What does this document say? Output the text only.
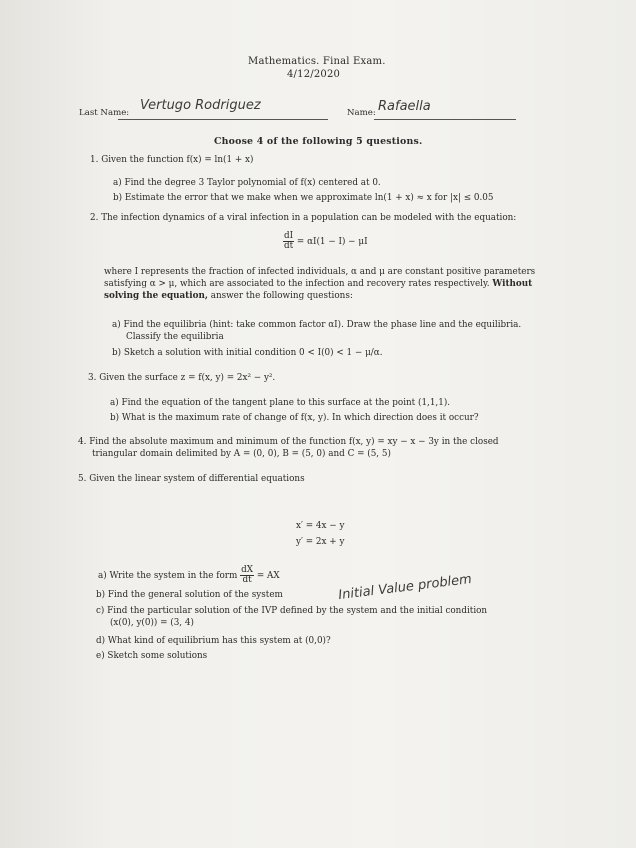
Mathematics. Final Exam.
4/12/2020
Last Name: Vertugo Rodriguez	Name: Rafaella
Choose 4 of the following 5 questions.
1. Given the function f(x) = ln(1 + x)
a) Find the degree 3 Taylor polynomial of f(x) centered at 0.
b) Estimate the error that we make when we approximate ln(1 + x) ≈ x for |x| ≤ 0.05
2. The infection dynamics of a viral infection in a population can be modeled with the equation:
$\frac{dI}{dt} = \alpha I(1 - I) - \mu I$
where I represents the fraction of infected individuals, α and μ are constant positive parameters
satisfying α > μ, which are associated to the infection and recovery rates respectively. Without
solving the equation, answer the following questions:
a) Find the equilibria (hint: take common factor αI). Draw the phase line and the equilibria.
Classify the equilibria
b) Sketch a solution with initial condition 0 < I(0) < 1 − μ/α.
3. Given the surface z = f(x, y) = 2x² − y².
a) Find the equation of the tangent plane to this surface at the point (1,1,1).
b) What is the maximum rate of change of f(x, y). In which direction does it occur?
4. Find the absolute maximum and minimum of the function f(x, y) = xy − x − 3y in the closed
triangular domain delimited by A = (0, 0), B = (5, 0) and C = (5, 5)
5. Given the linear system of differential equations
x′ = 4x − y
y′ = 2x + y
a) Write the system in the form $\frac{dX}{dt}$ = AX
b) Find the general solution of the system	Initial Value problem
c) Find the particular solution of the IVP defined by the system and the initial condition
(x(0), y(0)) = (3, 4)
d) What kind of equilibrium has this system at (0,0)?
e) Sketch some solutions
